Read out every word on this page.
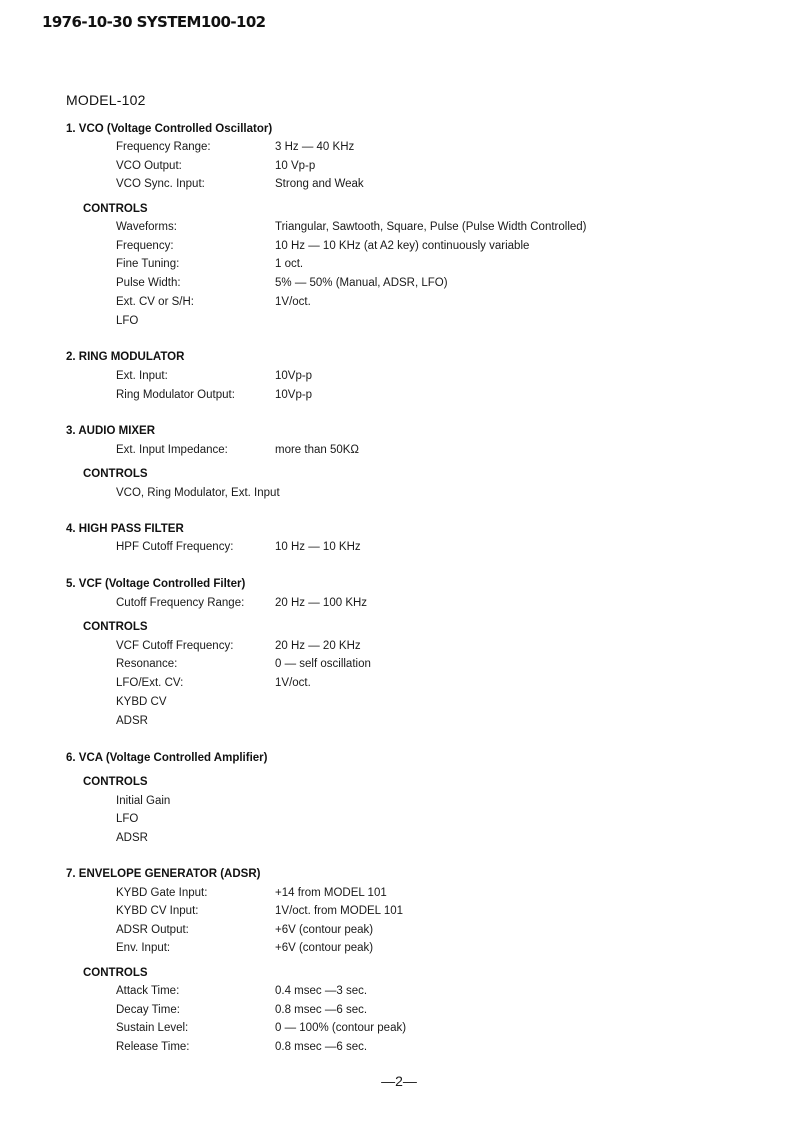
1976-10-30 SYSTEM100-102
MODEL-102
1. VCO (Voltage Controlled Oscillator)
Frequency Range:	3 Hz — 40 KHz
VCO Output:	10 Vp-p
VCO Sync. Input:	Strong and Weak
CONTROLS
Waveforms:	Triangular, Sawtooth, Square, Pulse (Pulse Width Controlled)
Frequency:	10 Hz — 10 KHz (at A2 key) continuously variable
Fine Tuning:	1 oct.
Pulse Width:	5% — 50% (Manual, ADSR, LFO)
Ext. CV or S/H:	1V/oct.
LFO
2. RING MODULATOR
Ext. Input:	10Vp-p
Ring Modulator Output:	10Vp-p
3. AUDIO MIXER
Ext. Input Impedance:	more than 50KΩ
CONTROLS
VCO, Ring Modulator, Ext. Input
4. HIGH PASS FILTER
HPF Cutoff Frequency:	10 Hz — 10 KHz
5. VCF (Voltage Controlled Filter)
Cutoff Frequency Range:	20 Hz — 100 KHz
CONTROLS
VCF Cutoff Frequency:	20 Hz — 20 KHz
Resonance:	0 — self oscillation
LFO/Ext. CV:	1V/oct.
KYBD CV
ADSR
6. VCA (Voltage Controlled Amplifier)
CONTROLS
Initial Gain
LFO
ADSR
7. ENVELOPE GENERATOR (ADSR)
KYBD Gate Input:	+14 from MODEL 101
KYBD CV Input:	1V/oct. from MODEL 101
ADSR Output:	+6V (contour peak)
Env. Input:	+6V (contour peak)
CONTROLS
Attack Time:	0.4 msec —3 sec.
Decay Time:	0.8 msec —6 sec.
Sustain Level:	0 — 100% (contour peak)
Release Time:	0.8 msec —6 sec.
—2—
